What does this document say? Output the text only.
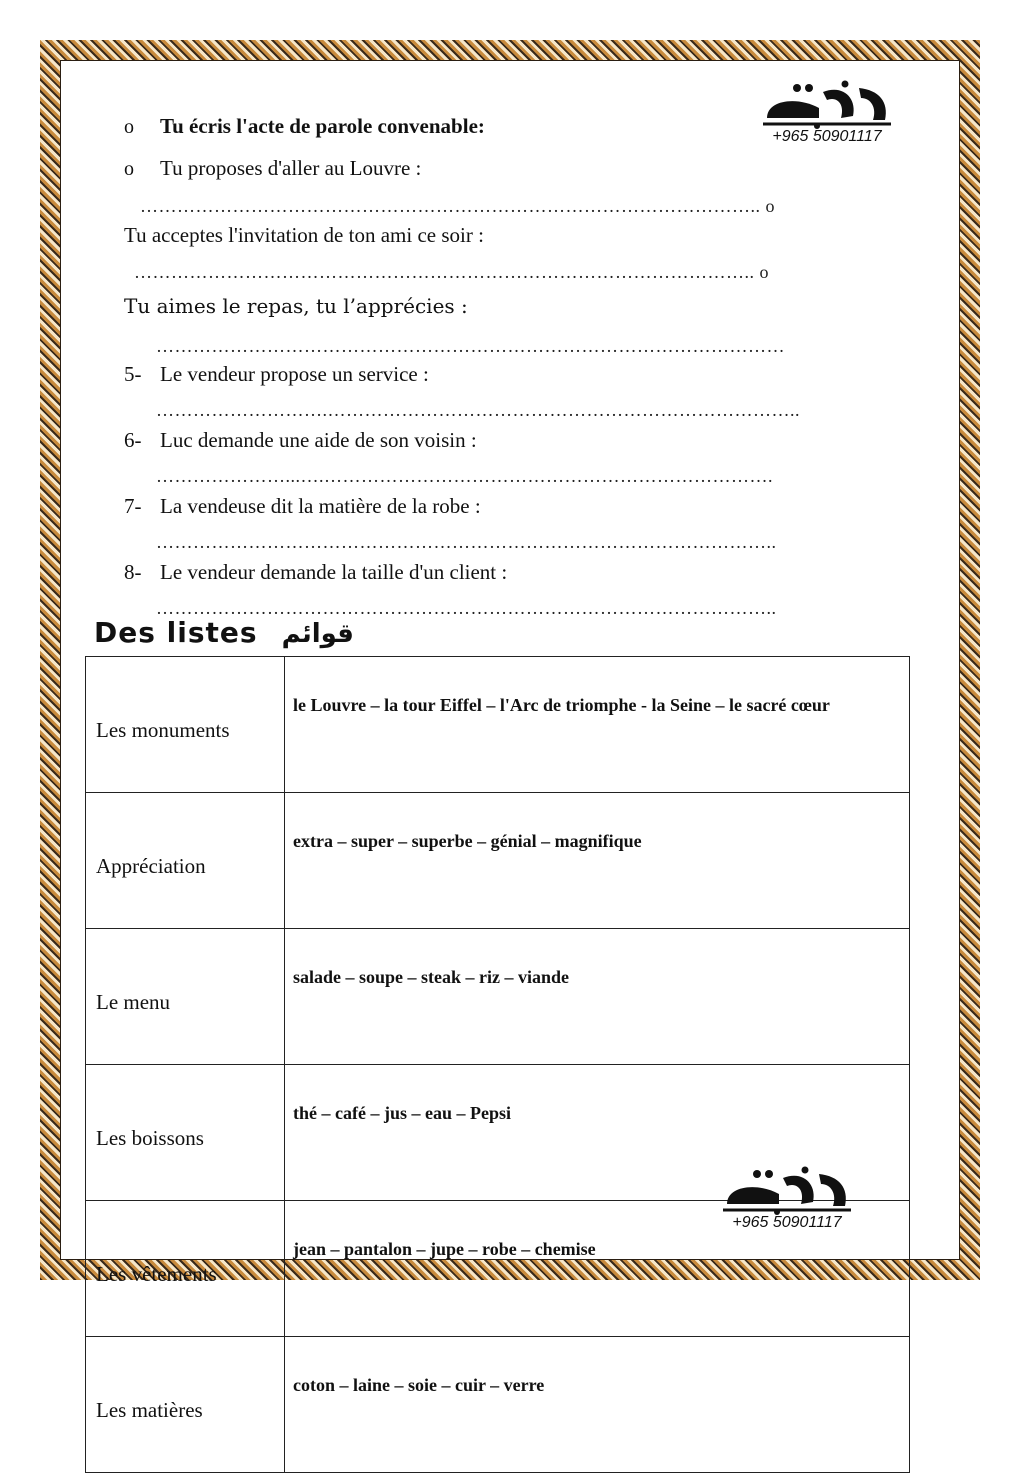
+965 50901117
o Tu écris l'acte de parole convenable:
o Tu proposes d'aller au Louvre :
……………………………………………………………………………………….. o
Tu acceptes l'invitation de ton ami ce soir :
……………………………………………………………………………………….. o
Tu aimes le repas, tu l’apprécies :
…………………………………………………………………………………………
5- Le vendeur propose un service :
……………………….…………………………………………………………………..
6- Luc demande une aide de son voisin :
…………………...….……………………………………………………………….
7- La vendeuse dit la matière de la robe :
………………………………………………………………………………………..
8- Le vendeur demande la taille d'un client :
………………………………………………………………………………………..
Des listes قوائم
Les monuments	le Louvre – la tour Eiffel – l'Arc de triomphe - la Seine – le sacré cœur
Appréciation	extra – super – superbe – génial – magnifique
Le menu	salade – soupe – steak – riz – viande
Les boissons	thé – café – jus – eau – Pepsi
Les vêtements	jean – pantalon – jupe – robe – chemise
Les matières	coton – laine – soie – cuir – verre
+965 50901117
